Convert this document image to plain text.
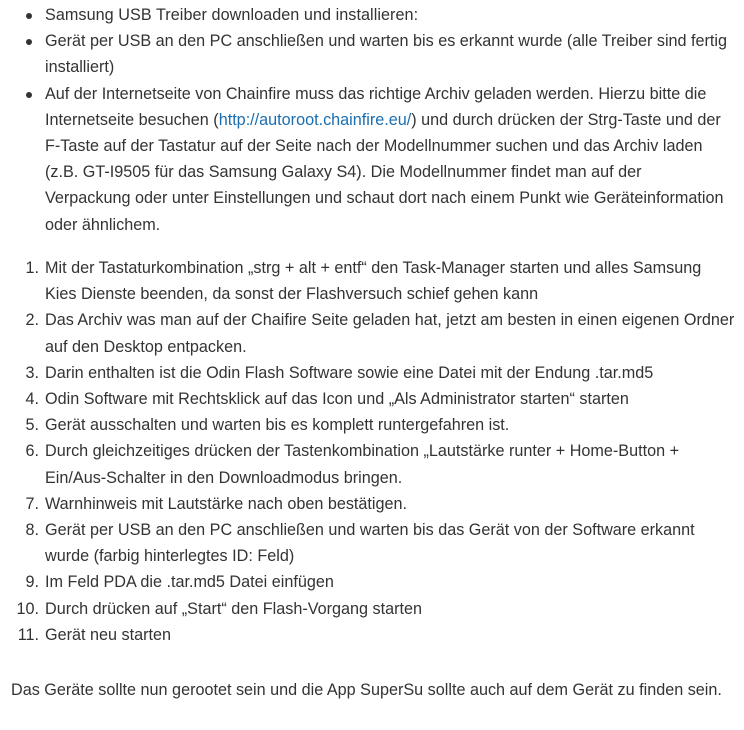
Samsung USB Treiber downloaden und installieren:
Gerät per USB an den PC anschließen und warten bis es erkannt wurde (alle Treiber sind fertig installiert)
Auf der Internetseite von Chainfire muss das richtige Archiv geladen werden. Hierzu bitte die Internetseite besuchen (http://autoroot.chainfire.eu/) und durch drücken der Strg-Taste und der F-Taste auf der Tastatur auf der Seite nach der Modellnummer suchen und das Archiv laden (z.B. GT-I9505 für das Samsung Galaxy S4). Die Modellnummer findet man auf der Verpackung oder unter Einstellungen und schaut dort nach einem Punkt wie Geräteinformation oder ähnlichem.
1. Mit der Tastaturkombination „strg + alt + entf“ den Task-Manager starten und alles Samsung Kies Dienste beenden, da sonst der Flashversuch schief gehen kann
2. Das Archiv was man auf der Chaifire Seite geladen hat, jetzt am besten in einen eigenen Ordner auf den Desktop entpacken.
3. Darin enthalten ist die Odin Flash Software sowie eine Datei mit der Endung .tar.md5
4. Odin Software mit Rechtsklick auf das Icon und „Als Administrator starten“ starten
5. Gerät ausschalten und warten bis es komplett runtergefahren ist.
6. Durch gleichzeitiges drücken der Tastenkombination „Lautstärke runter + Home-Button + Ein/Aus-Schalter in den Downloadmodus bringen.
7. Warnhinweis mit Lautstärke nach oben bestätigen.
8. Gerät per USB an den PC anschließen und warten bis das Gerät von der Software erkannt wurde (farbig hinterlegtes ID: Feld)
9. Im Feld PDA die .tar.md5 Datei einfügen
10. Durch drücken auf „Start“ den Flash-Vorgang starten
11. Gerät neu starten

Das Geräte sollte nun gerootet sein und die App SuperSu sollte auch auf dem Gerät zu finden sein.
